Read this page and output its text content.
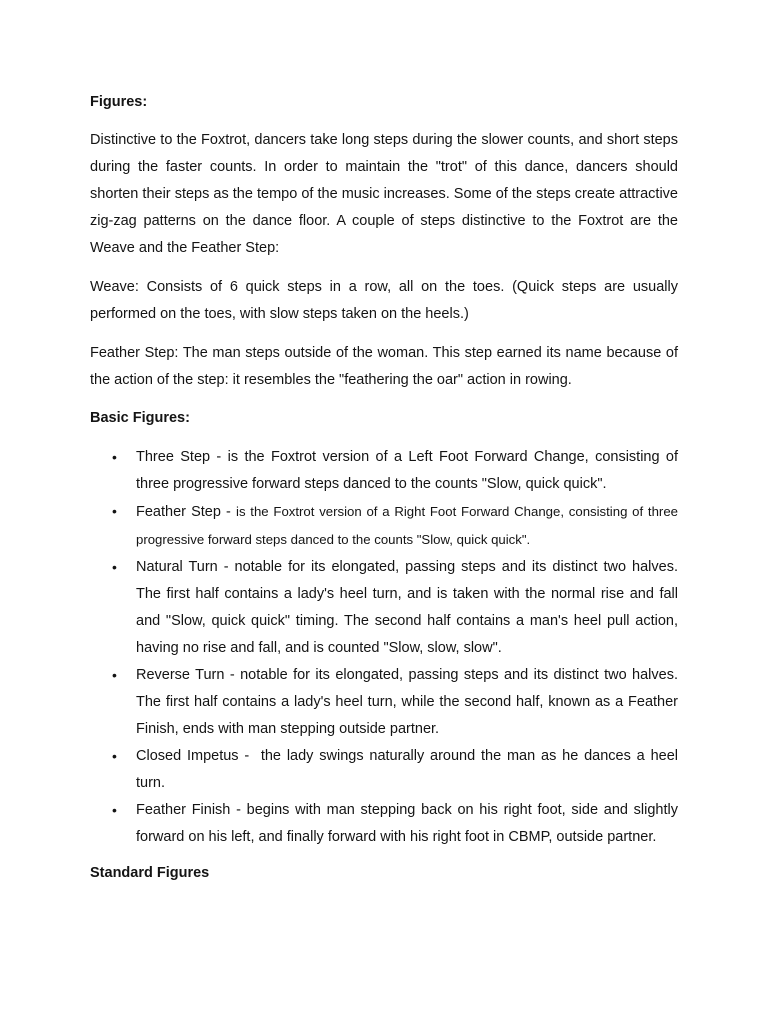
Figures:

Distinctive to the Foxtrot, dancers take long steps during the slower counts, and short steps during the faster counts. In order to maintain the "trot" of this dance, dancers should shorten their steps as the tempo of the music increases. Some of the steps create attractive zig-zag patterns on the dance floor. A couple of steps distinctive to the Foxtrot are the Weave and the Feather Step:

Weave: Consists of 6 quick steps in a row, all on the toes. (Quick steps are usually performed on the toes, with slow steps taken on the heels.)

Feather Step: The man steps outside of the woman. This step earned its name because of the action of the step: it resembles the "feathering the oar" action in rowing.

Basic Figures:

• Three Step - is the Foxtrot version of a Left Foot Forward Change, consisting of three progressive forward steps danced to the counts "Slow, quick quick".
• Feather Step - is the Foxtrot version of a Right Foot Forward Change, consisting of three progressive forward steps danced to the counts "Slow, quick quick".
• Natural Turn - notable for its elongated, passing steps and its distinct two halves. The first half contains a lady's heel turn, and is taken with the normal rise and fall and "Slow, quick quick" timing. The second half contains a man's heel pull action, having no rise and fall, and is counted "Slow, slow, slow".
• Reverse Turn - notable for its elongated, passing steps and its distinct two halves. The first half contains a lady's heel turn, while the second half, known as a Feather Finish, ends with man stepping outside partner.
• Closed Impetus -  the lady swings naturally around the man as he dances a heel turn.
• Feather Finish - begins with man stepping back on his right foot, side and slightly forward on his left, and finally forward with his right foot in CBMP, outside partner.

Standard Figures
